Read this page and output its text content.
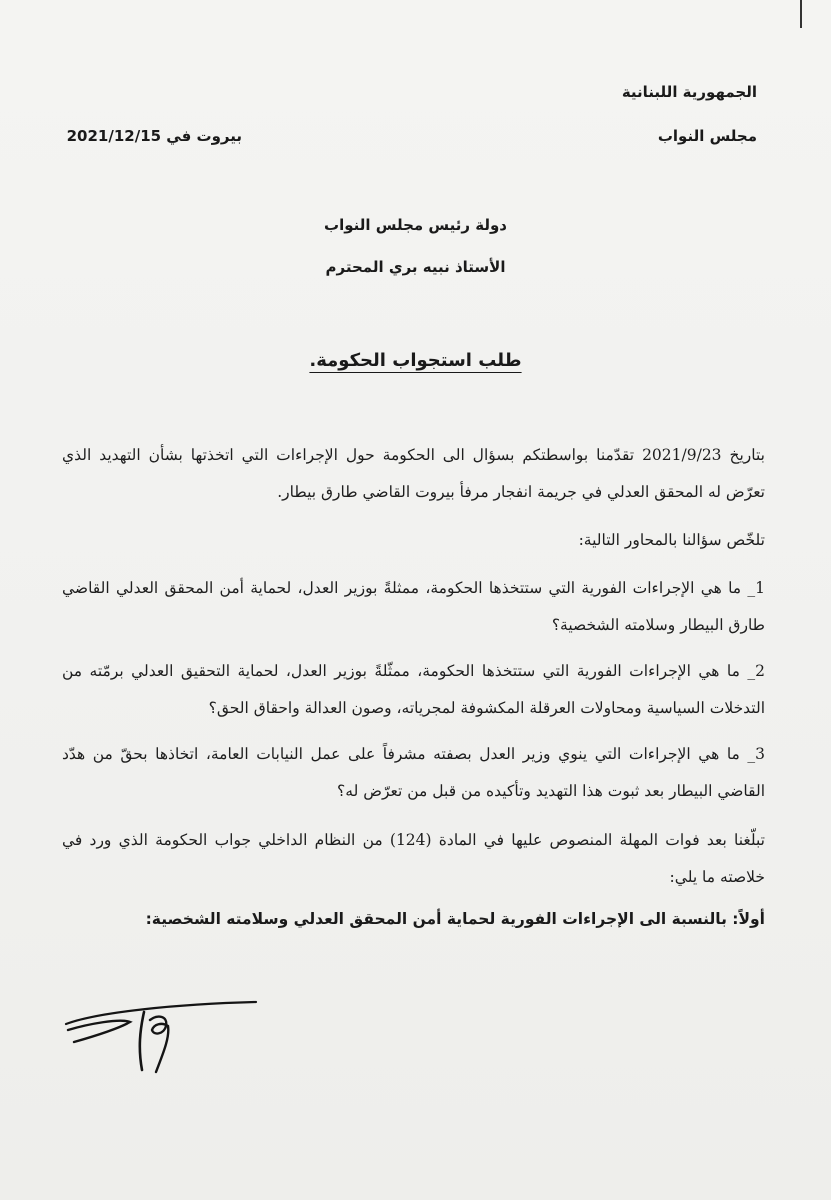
الجمهورية اللبنانية
مجلس النواب
بيروت في 2021/12/15
دولة رئيس مجلس النواب
الأستاذ نبيه بري المحترم
طلب استجواب الحكومة.
بتاريخ 2021/9/23 تقدّمنا بواسطتكم بسؤال الى الحكومة حول الإجراءات التي اتخذتها بشأن التهديد الذي تعرّض له المحقق العدلي في جريمة انفجار مرفأ بيروت القاضي طارق بيطار.
تلخّص سؤالنا بالمحاور التالية:
1_ ما هي الإجراءات الفورية التي ستتخذها الحكومة، ممثلةً بوزير العدل، لحماية أمن المحقق العدلي القاضي طارق البيطار وسلامته الشخصية؟
2_ ما هي الإجراءات الفورية التي ستتخذها الحكومة، ممثّلةً بوزير العدل، لحماية التحقيق العدلي برمّته من التدخلات السياسية ومحاولات العرقلة المكشوفة لمجرياته، وصون العدالة واحقاق الحق؟
3_ ما هي الإجراءات التي ينوي وزير العدل بصفته مشرفاً على عمل النيابات العامة، اتخاذها بحقّ من هدّد القاضي البيطار بعد ثبوت هذا التهديد وتأكيده من قبل من تعرّض له؟
تبلّغنا بعد فوات المهلة المنصوص عليها في المادة (124) من النظام الداخلي جواب الحكومة الذي ورد في خلاصته ما يلي:
أولاً: بالنسبة الى الإجراءات الفورية لحماية أمن المحقق العدلي وسلامته الشخصية:
